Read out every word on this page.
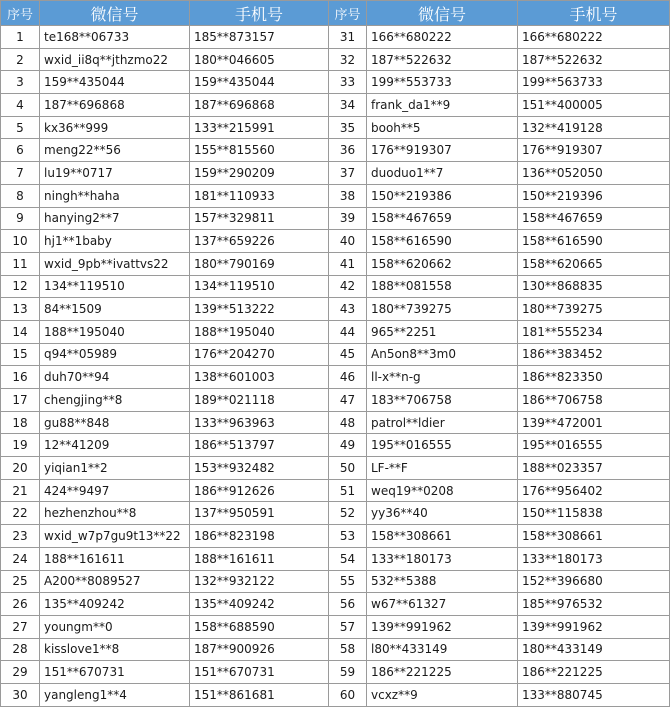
序号	微信号	手机号	序号	微信号	手机号
1	te168**06733	185**873157	31	166**680222	166**680222
2	wxid_ii8q**jthzmo22	180**046605	32	187**522632	187**522632
3	159**435044	159**435044	33	199**553733	199**563733
4	187**696868	187**696868	34	frank_da1**9	151**400005
5	kx36**999	133**215991	35	booh**5	132**419128
6	meng22**56	155**815560	36	176**919307	176**919307
7	lu19**0717	159**290209	37	duoduo1**7	136**052050
8	ningh**haha	181**110933	38	150**219386	150**219396
9	hanying2**7	157**329811	39	158**467659	158**467659
10	hj1**1baby	137**659226	40	158**616590	158**616590
11	wxid_9pb**ivattvs22	180**790169	41	158**620662	158**620665
12	134**119510	134**119510	42	188**081558	130**868835
13	84**1509	139**513222	43	180**739275	180**739275
14	188**195040	188**195040	44	965**2251	181**555234
15	q94**05989	176**204270	45	An5on8**3m0	186**383452
16	duh70**94	138**601003	46	ll-x**n-g	186**823350
17	chengjing**8	189**021118	47	183**706758	186**706758
18	gu88**848	133**963963	48	patrol**ldier	139**472001
19	12**41209	186**513797	49	195**016555	195**016555
20	yiqian1**2	153**932482	50	LF-**F	188**023357
21	424**9497	186**912626	51	weq19**0208	176**956402
22	hezhenzhou**8	137**950591	52	yy36**40	150**115838
23	wxid_w7p7gu9t13**22	186**823198	53	158**308661	158**308661
24	188**161611	188**161611	54	133**180173	133**180173
25	A200**8089527	132**932122	55	532**5388	152**396680
26	135**409242	135**409242	56	w67**61327	185**976532
27	youngm**0	158**688590	57	139**991962	139**991962
28	kisslove1**8	187**900926	58	l80**433149	180**433149
29	151**670731	151**670731	59	186**221225	186**221225
30	yangleng1**4	151**861681	60	vcxz**9	133**880745
